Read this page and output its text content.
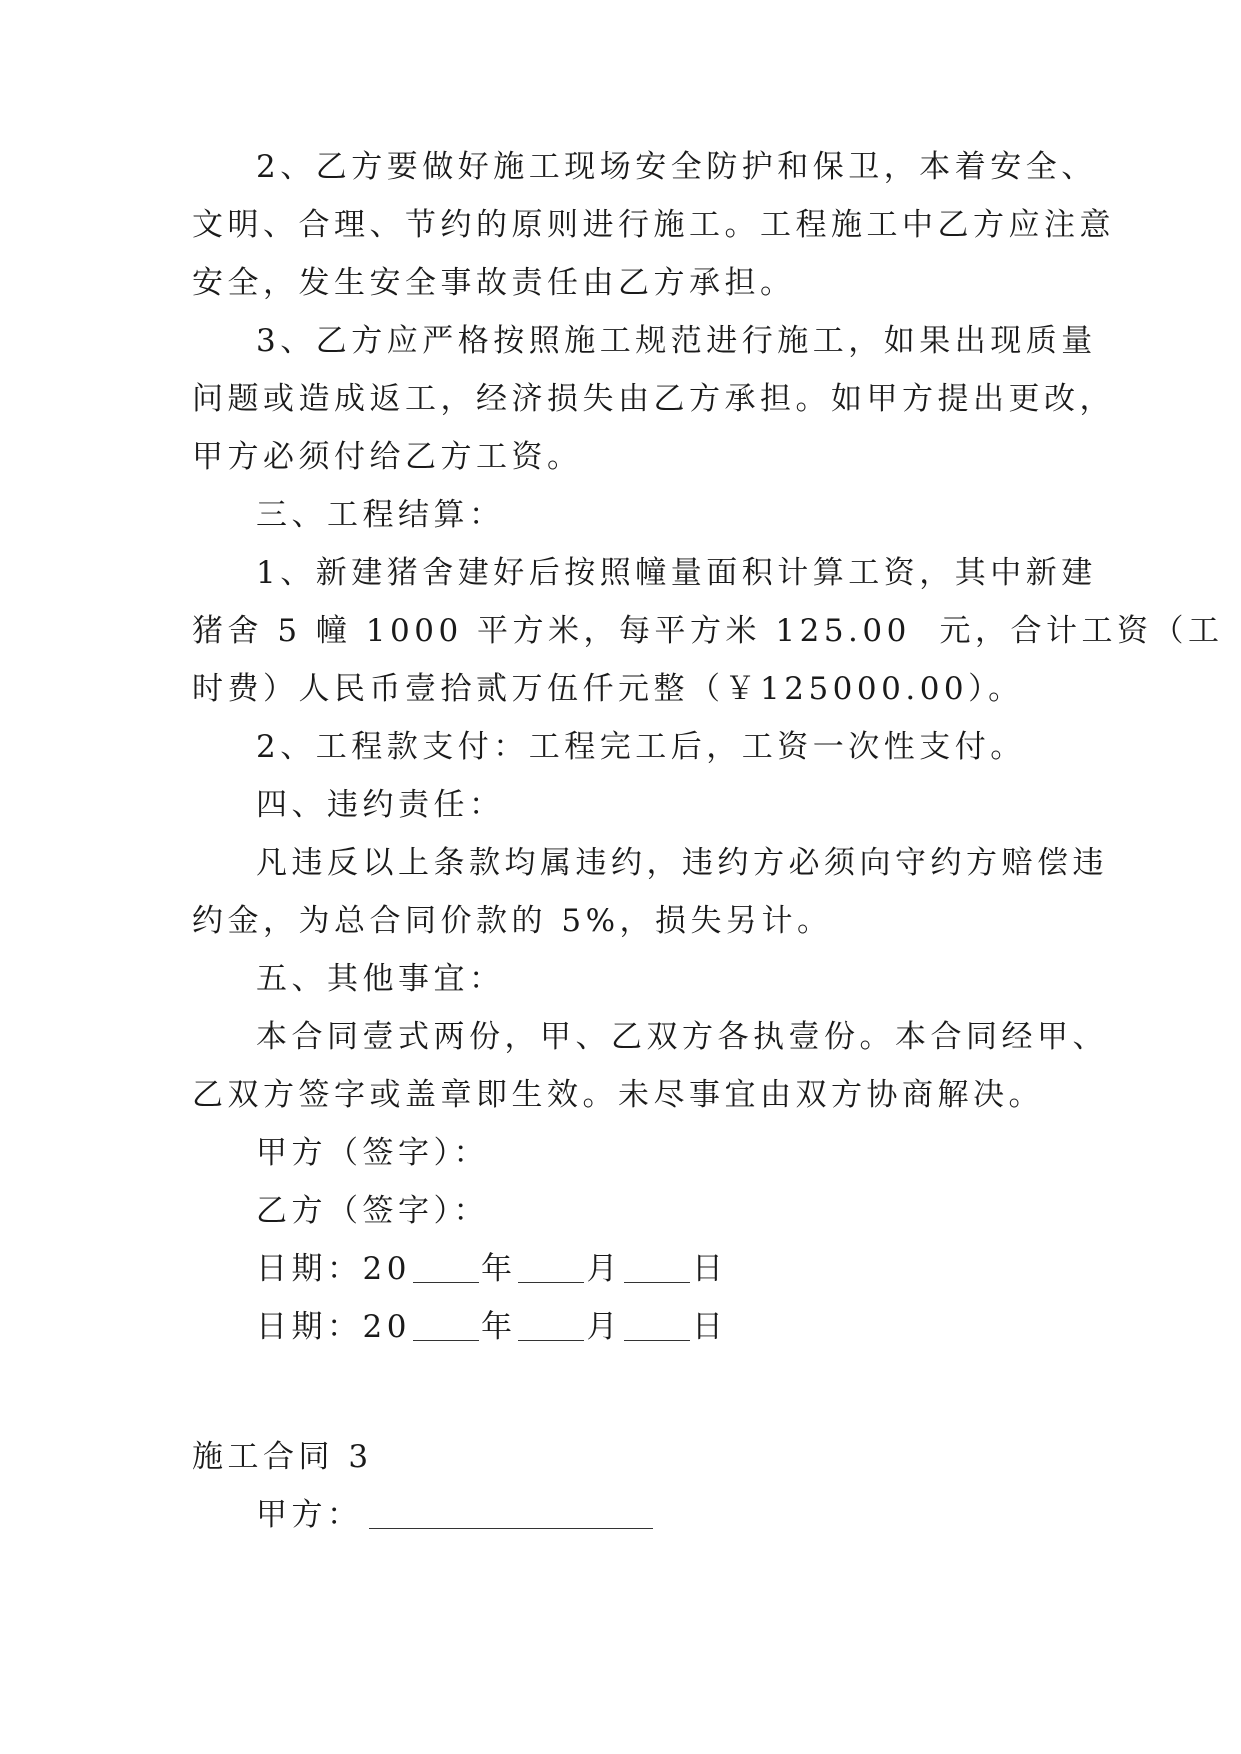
2、乙方要做好施工现场安全防护和保卫，本着安全、

文明、合理、节约的原则进行施工。工程施工中乙方应注意

安全，发生安全事故责任由乙方承担。

3、乙方应严格按照施工规范进行施工，如果出现质量

问题或造成返工，经济损失由乙方承担。如甲方提出更改，

甲方必须付给乙方工资。

三、工程结算：

1、新建猪舍建好后按照幢量面积计算工资，其中新建

猪舍 5 幢 1000 平方米，每平方米 125.00  元，合计工资（工

时费）人民币壹拾贰万伍仟元整（￥125000.00）。

2、工程款支付：工程完工后，工资一次性支付。

四、违约责任：

凡违反以上条款均属违约，违约方必须向守约方赔偿违

约金，为总合同价款的 5%，损失另计。

五、其他事宜：

本合同壹式两份，甲、乙双方各执壹份。本合同经甲、

乙双方签字或盖章即生效。未尽事宜由双方协商解决。

甲方（签字）：

乙方（签字）：

日期：20 年 月 日

日期：20 年 月 日

施工合同 3

甲方：
